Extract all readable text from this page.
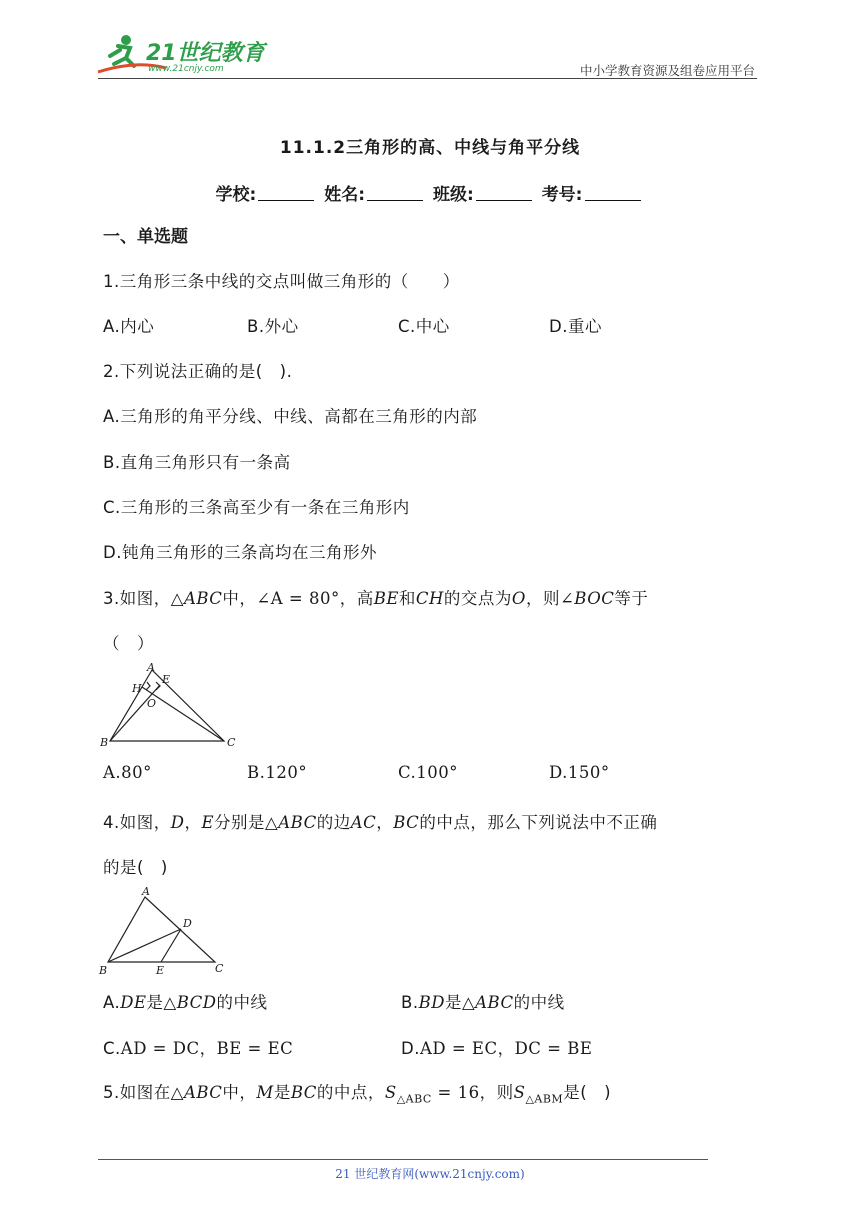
21世纪教育
www.21cnjy.com	中小学教育资源及组卷应用平台
11.1.2三角形的高、中线与角平分线
学校:	姓名:	班级:	考号:
一、单选题
1.三角形三条中线的交点叫做三角形的（　　）
A.内心	B.外心	C.中心	D.重心
2.下列说法正确的是(　).
A.三角形的角平分线、中线、高都在三角形的内部
B.直角三角形只有一条高
C.三角形的三条高至少有一条在三角形内
D.钝角三角形的三条高均在三角形外
3.如图，△ABC中，∠A = 80°，高BE和CH的交点为O，则∠BOC等于
（　）
A
E
H
O
B	C
A.80°	B.120°	C.100°	D.150°
4.如图，D，E分别是△ABC的边AC，BC的中点，那么下列说法中不正确
的是(　)
A
D
B	E	C
A.DE是△BCD的中线	B.BD是△ABC的中线
C.AD = DC，BE = EC	D.AD = EC，DC = BE
5.如图在△ABC中，M是BC的中点，$S_{\triangle ABC} = 16$，则$S_{\triangle ABM}$是(　)
21 世纪教育网(www.21cnjy.com)
